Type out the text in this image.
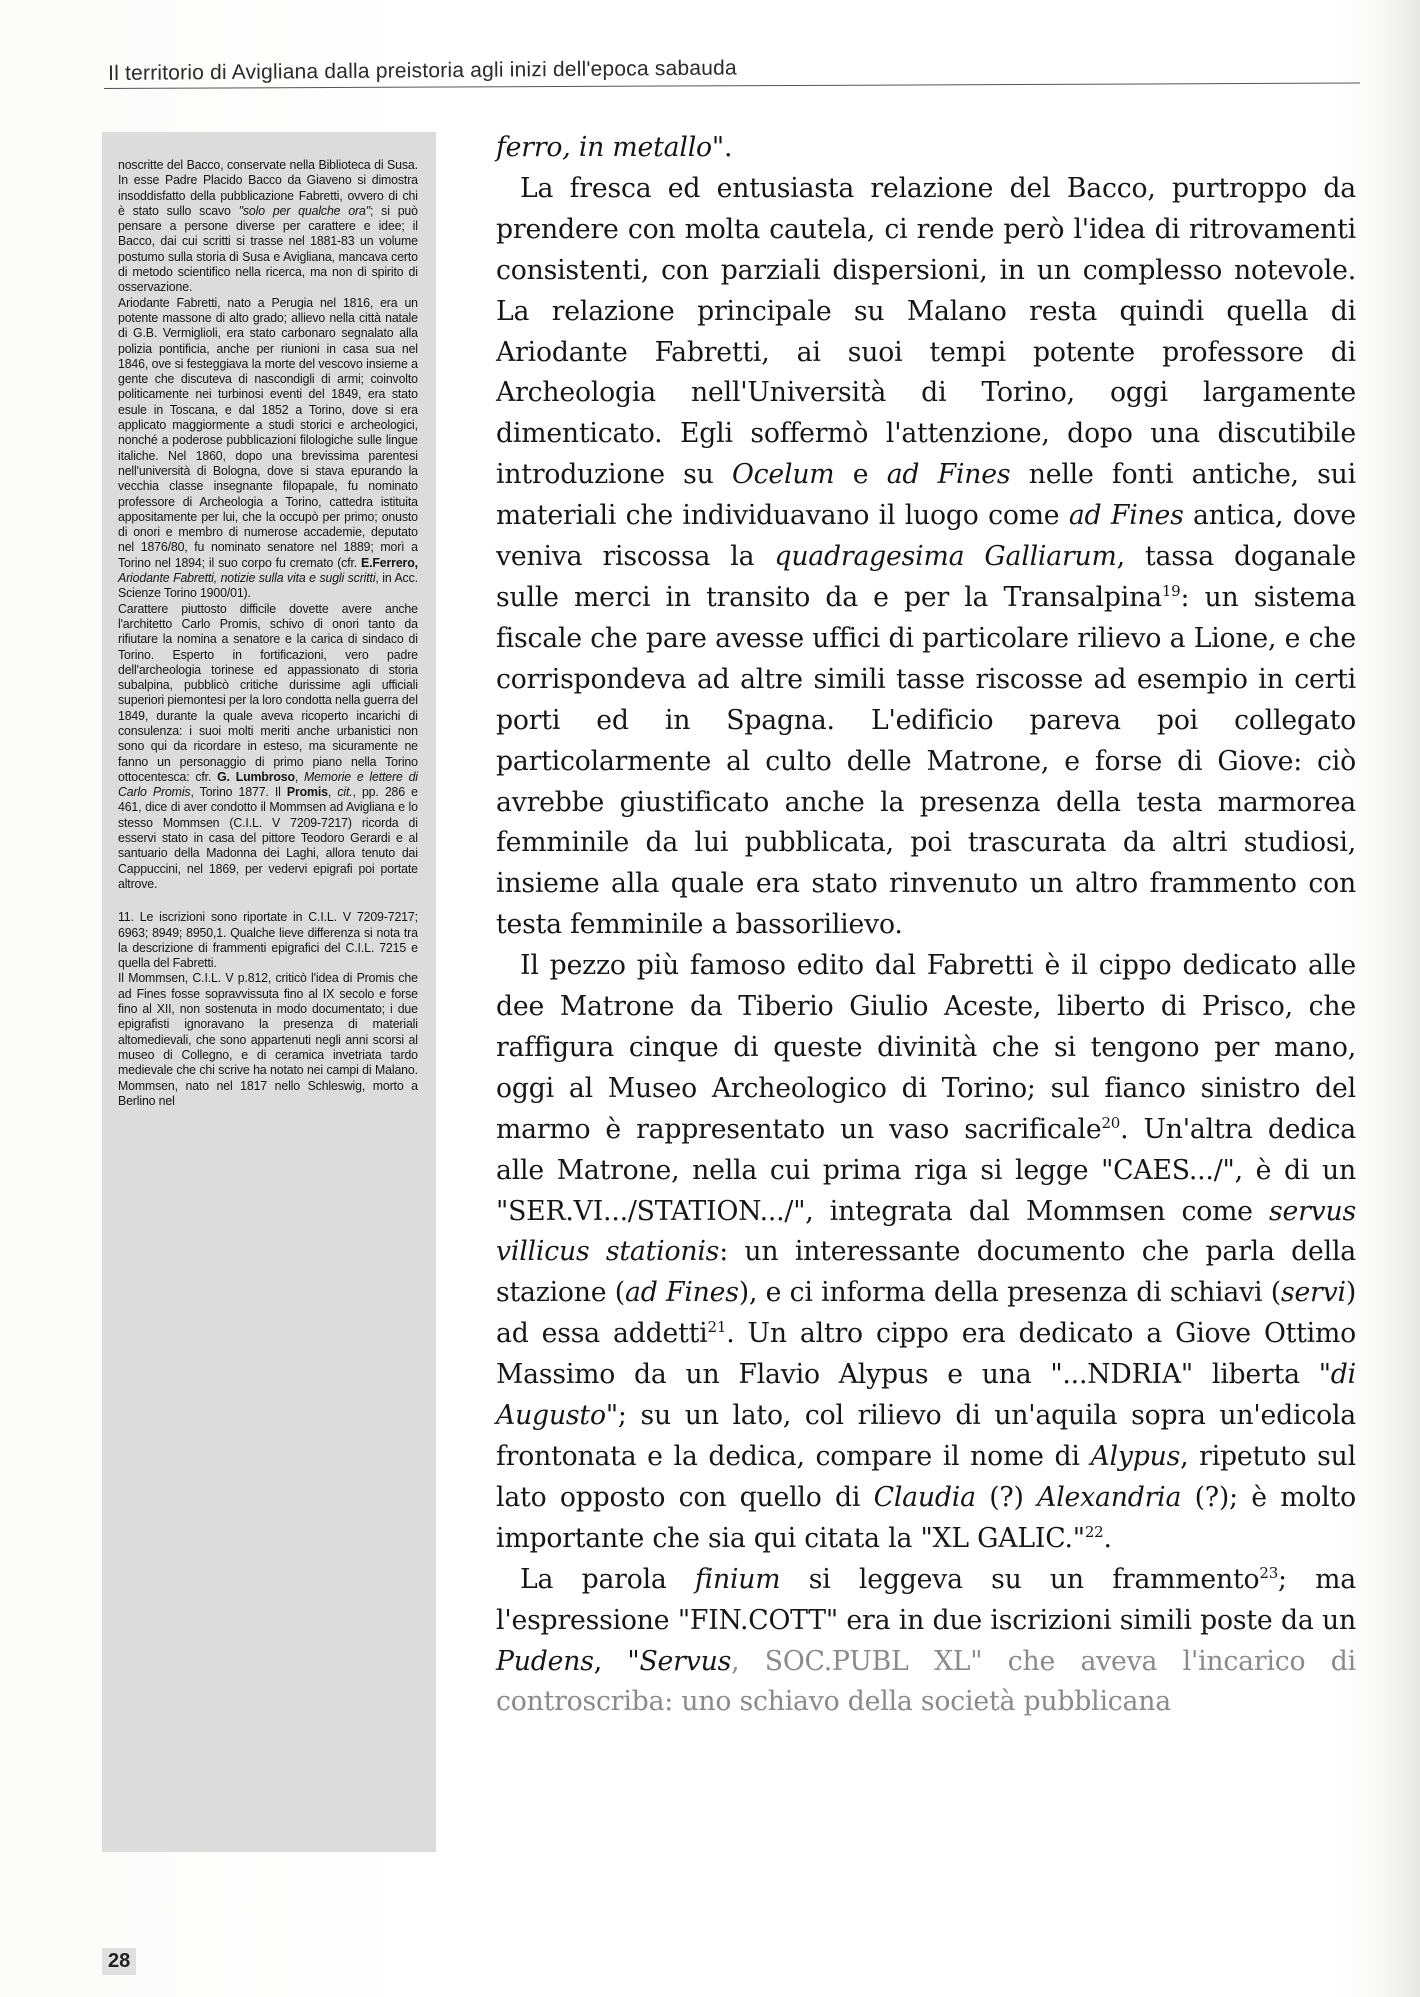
Il territorio di Avigliana dalla preistoria agli inizi dell'epoca sabauda

noscritte del Bacco, conservate nella Biblioteca di Susa. In esse Padre Placido Bacco da Giaveno si dimostra insoddisfatto della pubblicazione Fabretti, ovvero di chi è stato sullo scavo "solo per qualche ora"; si può pensare a persone diverse per carattere e idee; il Bacco, dai cui scritti si trasse nel 1881-83 un volume postumo sulla storia di Susa e Avigliana, mancava certo di metodo scientifico nella ricerca, ma non di spirito di osservazione.

Ariodante Fabretti, nato a Perugia nel 1816, era un potente massone di alto grado; allievo nella città natale di G.B. Vermiglioli, era stato carbonaro segnalato alla polizia pontificia, anche per riunioni in casa sua nel 1846, ove si festeggiava la morte del vescovo insieme a gente che discuteva di nascondigli di armi; coinvolto politicamente nei turbinosi eventi del 1849, era stato esule in Toscana, e dal 1852 a Torino, dove si era applicato maggiormente a studi storici e archeologici, nonché a poderose pubblicazioni filologiche sulle lingue italiche. Nel 1860, dopo una brevissima parentesi nell'università di Bologna, dove si stava epurando la vecchia classe insegnante filopapale, fu nominato professore di Archeologia a Torino, cattedra istituita appositamente per lui, che la occupò per primo; onusto di onori e membro di numerose accademie, deputato nel 1876/80, fu nominato senatore nel 1889; morì a Torino nel 1894; il suo corpo fu cremato (cfr. E.Ferrero, Ariodante Fabretti, notizie sulla vita e sugli scritti, in Acc. Scienze Torino 1900/01).

Carattere piuttosto difficile dovette avere anche l'architetto Carlo Promis, schivo di onori tanto da rifiutare la nomina a senatore e la carica di sindaco di Torino. Esperto in fortificazioni, vero padre dell'archeologia torinese ed appassionato di storia subalpina, pubblicò critiche durissime agli ufficiali superiori piemontesi per la loro condotta nella guerra del 1849, durante la quale aveva ricoperto incarichi di consulenza: i suoi molti meriti anche urbanistici non sono qui da ricordare in esteso, ma sicuramente ne fanno un personaggio di primo piano nella Torino ottocentesca: cfr. G. Lumbroso, Memorie e lettere di Carlo Promis, Torino 1877. Il Promis, cit., pp. 286 e 461, dice di aver condotto il Mommsen ad Avigliana e lo stesso Mommsen (C.I.L. V 7209-7217) ricorda di esservi stato in casa del pittore Teodoro Gerardi e al santuario della Madonna dei Laghi, allora tenuto dai Cappuccini, nel 1869, per vedervi epigrafi poi portate altrove.

11. Le iscrizioni sono riportate in C.I.L. V 7209-7217; 6963; 8949; 8950,1. Qualche lieve differenza si nota tra la descrizione di frammenti epigrafici del C.I.L. 7215 e quella del Fabretti.

Il Mommsen, C.I.L. V p.812, criticò l'idea di Promis che ad Fines fosse sopravvissuta fino al IX secolo e forse fino al XII, non sostenuta in modo documentato; i due epigrafisti ignoravano la presenza di materiali altomedievali, che sono appartenuti negli anni scorsi al museo di Collegno, e di ceramica invetriata tardo medievale che chi scrive ha notato nei campi di Malano. Mommsen, nato nel 1817 nello Schleswig, morto a Berlino nel

ferro, in metallo".

La fresca ed entusiasta relazione del Bacco, purtroppo da prendere con molta cautela, ci rende però l'idea di ritrovamenti consistenti, con parziali dispersioni, in un complesso notevole. La relazione principale su Malano resta quindi quella di Ariodante Fabretti, ai suoi tempi potente professore di Archeologia nell'Università di Torino, oggi largamente dimenticato. Egli soffermò l'attenzione, dopo una discutibile introduzione su Ocelum e ad Fines nelle fonti antiche, sui materiali che individuavano il luogo come ad Fines antica, dove veniva riscossa la quadragesima Galliarum, tassa doganale sulle merci in transito da e per la Transalpina$^{19}$: un sistema fiscale che pare avesse uffici di particolare rilievo a Lione, e che corrispondeva ad altre simili tasse riscosse ad esempio in certi porti ed in Spagna. L'edificio pareva poi collegato particolarmente al culto delle Matrone, e forse di Giove: ciò avrebbe giustificato anche la presenza della testa marmorea femminile da lui pubblicata, poi trascurata da altri studiosi, insieme alla quale era stato rinvenuto un altro frammento con testa femminile a bassorilievo.

Il pezzo più famoso edito dal Fabretti è il cippo dedicato alle dee Matrone da Tiberio Giulio Aceste, liberto di Prisco, che raffigura cinque di queste divinità che si tengono per mano, oggi al Museo Archeologico di Torino; sul fianco sinistro del marmo è rappresentato un vaso sacrificale$^{20}$. Un'altra dedica alle Matrone, nella cui prima riga si legge "CAES.../", è di un "SER.VI.../STATION.../", integrata dal Mommsen come servus villicus stationis: un interessante documento che parla della stazione (ad Fines), e ci informa della presenza di schiavi (servi) ad essa addetti$^{21}$. Un altro cippo era dedicato a Giove Ottimo Massimo da un Flavio Alypus e una "...NDRIA" liberta "di Augusto"; su un lato, col rilievo di un'aquila sopra un'edicola frontonata e la dedica, compare il nome di Alypus, ripetuto sul lato opposto con quello di Claudia (?) Alexandria (?); è molto importante che sia qui citata la "XL GALIC."$^{22}$.

La parola finium si leggeva su un frammento$^{23}$; ma l'espressione "FIN.COTT" era in due iscrizioni simili poste da un Pudens, "Servus, SOC.PUBL XL" che aveva l'incarico di controscriba: uno schiavo della società pubblicana

28
